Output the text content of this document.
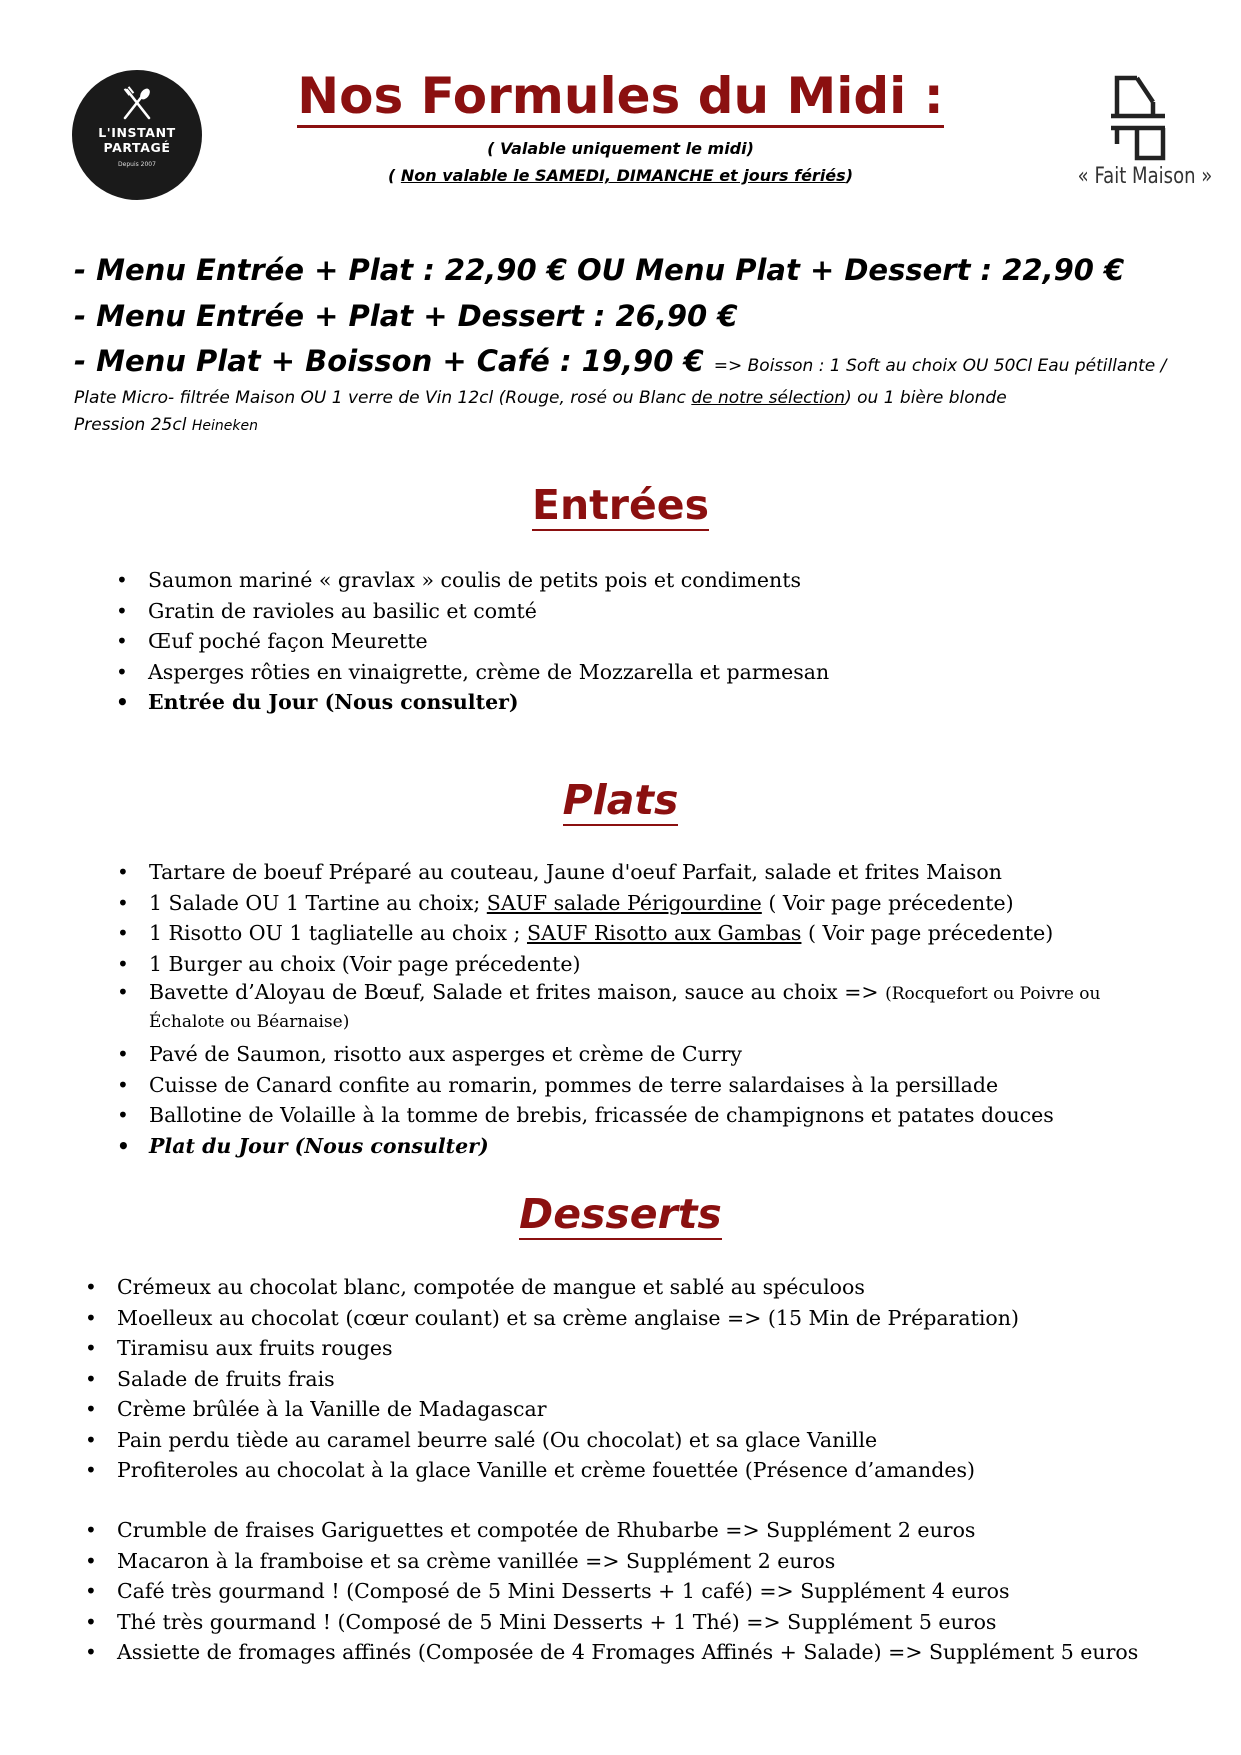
L'INSTANT
PARTAGÉ
Depuis 2007
Nos Formules du Midi :
( Valable uniquement le midi)
( Non valable le SAMEDI, DIMANCHE et jours fériés)	« Fait Maison »
- Menu Entrée + Plat : 22,90 € OU Menu Plat + Dessert : 22,90 €
- Menu Entrée + Plat + Dessert : 26,90 €
- Menu Plat + Boisson + Café : 19,90 € => Boisson : 1 Soft au choix OU 50Cl Eau pétillante /
Plate Micro- filtrée Maison OU 1 verre de Vin 12cl (Rouge, rosé ou Blanc de notre sélection) ou 1 bière blonde
Pression 25cl Heineken
Entrées
• Saumon mariné « gravlax » coulis de petits pois et condiments
• Gratin de ravioles au basilic et comté
• Œuf poché façon Meurette
• Asperges rôties en vinaigrette, crème de Mozzarella et parmesan
• Entrée du Jour (Nous consulter)
Plats
• Tartare de boeuf Préparé au couteau, Jaune d'oeuf Parfait, salade et frites Maison
• 1 Salade OU 1 Tartine au choix; SAUF salade Périgourdine ( Voir page précedente)
• 1 Risotto OU 1 tagliatelle au choix ; SAUF Risotto aux Gambas ( Voir page précedente)
• 1 Burger au choix (Voir page précedente)
• Bavette d’Aloyau de Bœuf, Salade et frites maison, sauce au choix => (Rocquefort ou Poivre ou Échalote ou Béarnaise)
• Pavé de Saumon, risotto aux asperges et crème de Curry
• Cuisse de Canard confite au romarin, pommes de terre salardaises à la persillade
• Ballotine de Volaille à la tomme de brebis, fricassée de champignons et patates douces
• Plat du Jour (Nous consulter)
Desserts
• Crémeux au chocolat blanc, compotée de mangue et sablé au spéculoos
• Moelleux au chocolat (cœur coulant) et sa crème anglaise => (15 Min de Préparation)
• Tiramisu aux fruits rouges
• Salade de fruits frais
• Crème brûlée à la Vanille de Madagascar
• Pain perdu tiède au caramel beurre salé (Ou chocolat) et sa glace Vanille
• Profiteroles au chocolat à la glace Vanille et crème fouettée (Présence d’amandes)
• Crumble de fraises Gariguettes et compotée de Rhubarbe => Supplément 2 euros
• Macaron à la framboise et sa crème vanillée => Supplément 2 euros
• Café très gourmand ! (Composé de 5 Mini Desserts + 1 café) => Supplément 4 euros
• Thé très gourmand ! (Composé de 5 Mini Desserts + 1 Thé) => Supplément 5 euros
• Assiette de fromages affinés (Composée de 4 Fromages Affinés + Salade) => Supplément 5 euros
